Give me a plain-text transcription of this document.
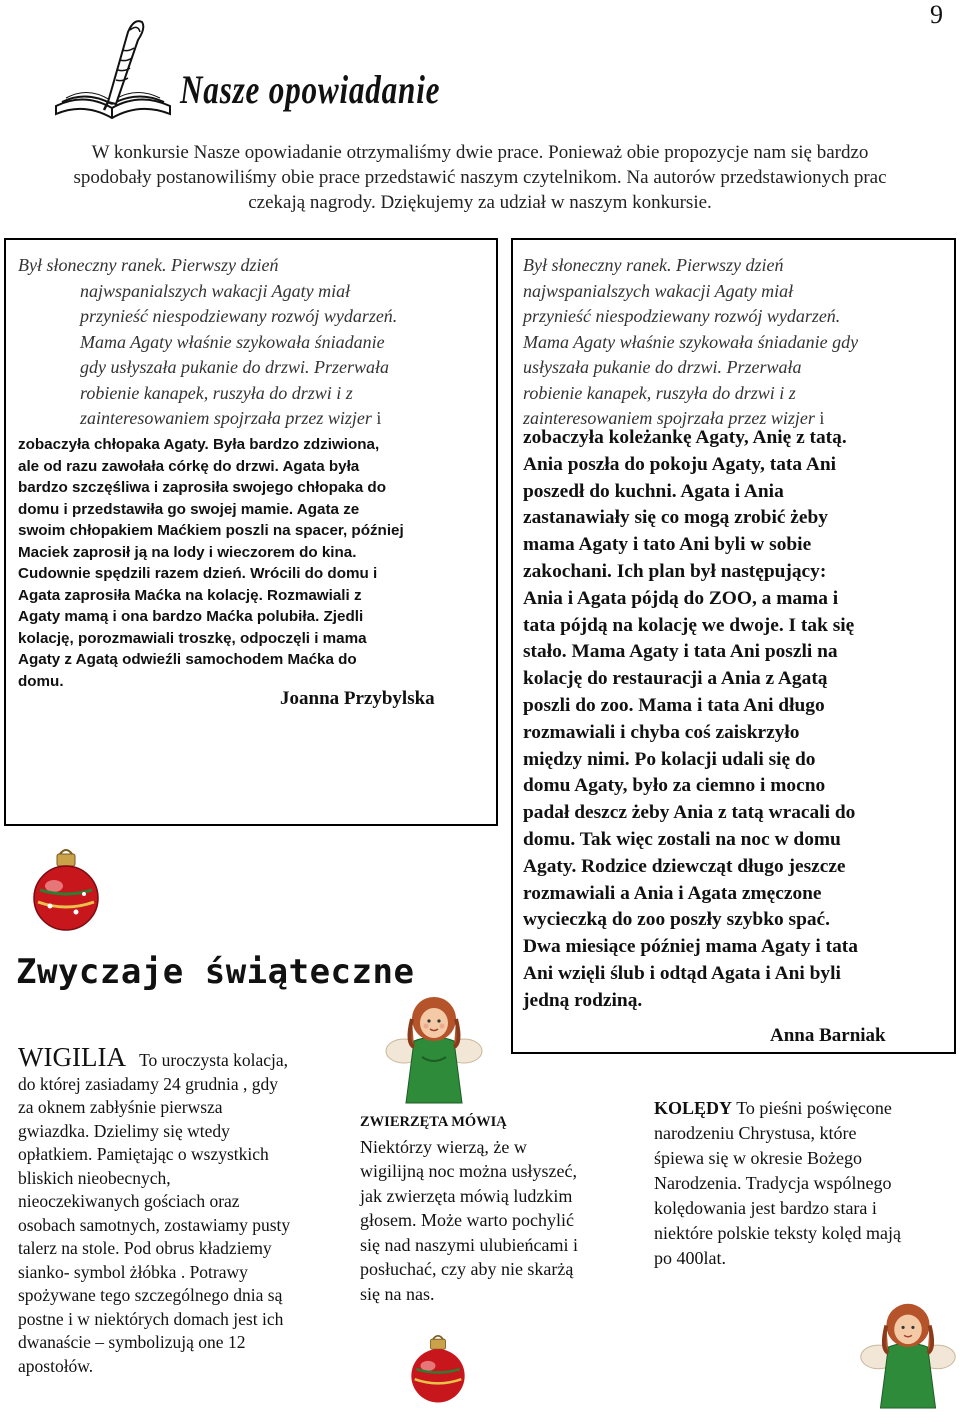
9
Nasze opowiadanie
W konkursie Nasze opowiadanie otrzymaliśmy dwie prace. Ponieważ obie propozycje nam się bardzo
spodobały postanowiliśmy obie prace przedstawić naszym czytelnikom. Na autorów przedstawionych prac
czekają nagrody. Dziękujemy za udział w naszym konkursie.
Był słoneczny ranek. Pierwszy dzień
najwspanialszych wakacji Agaty miał
przynieść niespodziewany rozwój wydarzeń.
Mama Agaty właśnie szykowała śniadanie
gdy usłyszała pukanie do drzwi. Przerwała
robienie kanapek, ruszyła do drzwi i z
zainteresowaniem spojrzała przez wizjer i
zobaczyła chłopaka Agaty. Była bardzo zdziwiona,
ale od razu zawołała córkę do drzwi. Agata była
bardzo szczęśliwa i zaprosiła swojego chłopaka do
domu i przedstawiła go swojej mamie. Agata ze
swoim chłopakiem Maćkiem poszli na spacer, później
Maciek zaprosił ją na lody i wieczorem do kina.
Cudownie spędzili razem dzień. Wrócili do domu i
Agata zaprosiła Maćka na kolację. Rozmawiali z
Agaty mamą i ona bardzo Maćka polubiła. Zjedli
kolację, porozmawiali troszkę, odpoczęli i mama
Agaty z Agatą odwieźli samochodem Maćka do
domu.
Joanna Przybylska
Był słoneczny ranek. Pierwszy dzień
najwspanialszych wakacji Agaty miał
przynieść niespodziewany rozwój wydarzeń.
Mama Agaty właśnie szykowała śniadanie gdy
usłyszała pukanie do drzwi. Przerwała
robienie kanapek, ruszyła do drzwi i z
zainteresowaniem spojrzała przez wizjer i
zobaczyła koleżankę Agaty, Anię z tatą.
Ania poszła do pokoju Agaty, tata Ani
poszedł do kuchni. Agata i Ania
zastanawiały się co mogą zrobić żeby
mama Agaty i tato Ani byli w sobie
zakochani. Ich plan był następujący:
Ania i Agata pójdą do ZOO, a mama i
tata pójdą na kolację we dwoje. I tak się
stało. Mama Agaty i tata Ani poszli na
kolację do restauracji a Ania z Agatą
poszli do zoo. Mama i tata Ani długo
rozmawiali i chyba coś zaiskrzyło
między nimi. Po kolacji udali się do
domu Agaty, było za ciemno i mocno
padał deszcz żeby Ania z tatą wracali do
domu. Tak więc zostali na noc w domu
Agaty. Rodzice dziewcząt długo jeszcze
rozmawiali a Ania i Agata zmęczone
wycieczką do zoo poszły szybko spać.
Dwa miesiące później mama Agaty i tata
Ani wzięli ślub i odtąd Agata i Ani byli
jedną rodziną.
Anna Barniak
Zwyczaje świąteczne
WIGILIA To uroczysta kolacja,
do której zasiadamy 24 grudnia , gdy
za oknem zabłyśnie pierwsza
gwiazdka. Dzielimy się wtedy
opłatkiem. Pamiętając o wszystkich
bliskich nieobecnych,
nieoczekiwanych gościach oraz
osobach samotnych, zostawiamy pusty
talerz na stole. Pod obrus kładziemy
sianko- symbol żłóbka . Potrawy
spożywane tego szczególnego dnia są
postne i w niektórych domach jest ich
dwanaście – symbolizują one 12
apostołów.
ZWIERZĘTA MÓWIĄ
Niektórzy wierzą, że w
wigilijną noc można usłyszeć,
jak zwierzęta mówią ludzkim
głosem. Może warto pochylić
się nad naszymi ulubieńcami i
posłuchać, czy aby nie skarżą
się na nas.
KOLĘDY To pieśni poświęcone
narodzeniu Chrystusa, które
śpiewa się w okresie Bożego
Narodzenia. Tradycja wspólnego
kolędowania jest bardzo stara i
niektóre polskie teksty kolęd mają
po 400lat.
